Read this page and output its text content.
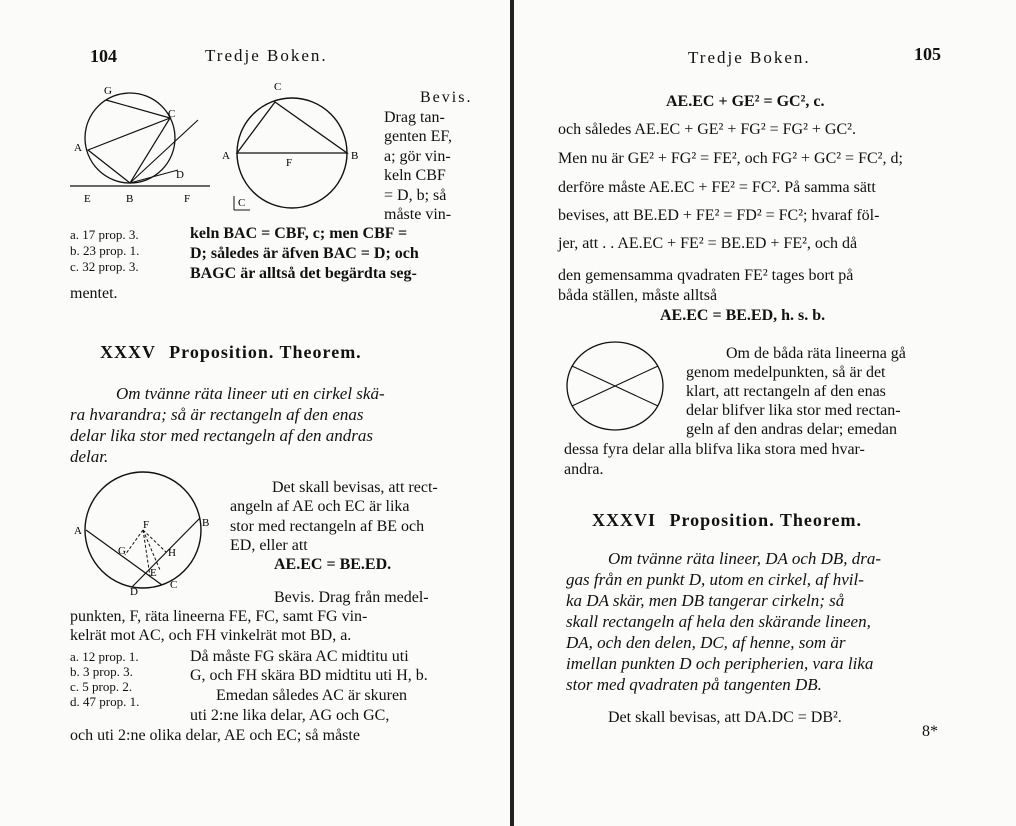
104	Tredje Boken.
G
C
A
D
E	B	F
C
A	B
F
C
Bevis.
Drag tan-
genten EF,
a; gör vin-
keln CBF
= D, b; så
måste vin-
keln BAC = CBF, c; men CBF =
D; således är äfven BAC = D; och
BAGC är alltså det begärdta seg-
mentet.
a. 17 prop. 3.
b. 23 prop. 1.
c. 32 prop. 3.
XXXV Proposition. Theorem.
Om tvänne räta lineer uti en cirkel skä-
ra hvarandra; så är rectangeln af den enas
delar lika stor med rectangeln af den andras
delar.
A
B
F
G	H
E
C
D
Det skall bevisas, att rect-
angeln af AE och EC är lika
stor med rectangeln af BE och
ED, eller att
AE.EC = BE.ED.
Bevis. Drag från medel-
punkten, F, räta lineerna FE, FC, samt FG vin-
kelrät mot AC, och FH vinkelrät mot BD, a.
Då måste FG skära AC midtitu uti
G, och FH skära BD midtitu uti H, b.
Emedan således AC är skuren
uti 2:ne lika delar, AG och GC,
och uti 2:ne olika delar, AE och EC; så måste
a. 12 prop. 1.
b. 3 prop. 3.
c. 5 prop. 2.
d. 47 prop. 1.
Tredje Boken.	105
AE.EC + GE² = GC², c.
och således AE.EC + GE² + FG² = FG² + GC².
Men nu är GE² + FG² = FE², och FG² + GC² = FC², d;
derföre måste AE.EC + FE² = FC². På samma sätt
bevises, att BE.ED + FE² = FD² = FC²; hvaraf föl-
jer, att . . AE.EC + FE² = BE.ED + FE², och då
den gemensamma qvadraten FE² tages bort på
båda ställen, måste alltså
AE.EC = BE.ED, h. s. b.
Om de båda räta lineerna gå
genom medelpunkten, så är det
klart, att rectangeln af den enas
delar blifver lika stor med rectan-
geln af den andras delar; emedan
dessa fyra delar alla blifva lika stora med hvar-
andra.
XXXVI Proposition. Theorem.
Om tvänne räta lineer, DA och DB, dra-
gas från en punkt D, utom en cirkel, af hvil-
ka DA skär, men DB tangerar cirkeln; så
skall rectangeln af hela den skärande lineen,
DA, och den delen, DC, af henne, som är
imellan punkten D och peripherien, vara lika
stor med qvadraten på tangenten DB.
Det skall bevisas, att DA.DC = DB².
8*
